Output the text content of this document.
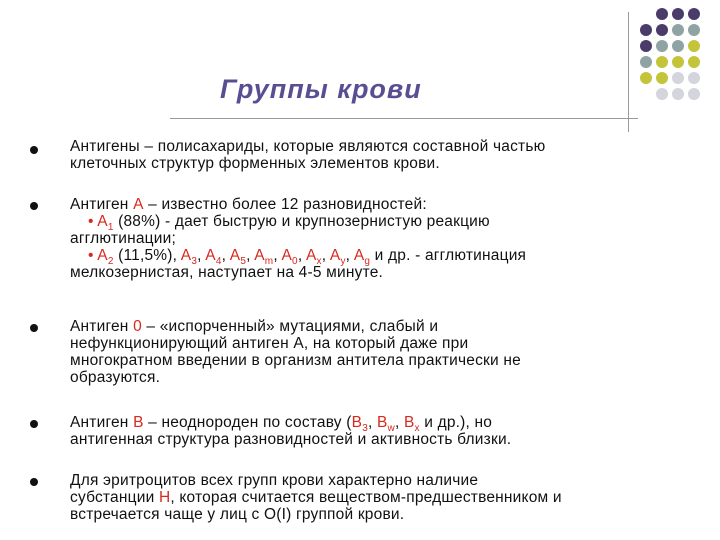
Группы крови
Антигены – полисахариды, которые являются составной частью
клеточных структур форменных элементов крови.
Антиген А – известно более 12 разновидностей:
• $A_1$ (88%) - дает быструю и крупнозернистую реакцию
агглютинации;
• $A_2$ (11,5%), $A_3$, $A_4$, $A_5$, $A_m$, $A_0$, $A_x$, $A_y$, $A_g$ и др. - агглютинация
мелкозернистая, наступает на 4-5 минуте.
Антиген 0 – «испорченный» мутациями, слабый и
нефункционирующий антиген А, на который даже при
многократном введении в организм антитела практически не
образуются.
Антиген В – неоднороден по составу ($В_3$, $В_w$, $В_x$ и др.), но
антигенная структура разновидностей и активность близки.
Для эритроцитов всех групп крови характерно наличие
субстанции Н, которая считается веществом-предшественником и
встречается чаще у лиц с О(I) группой крови.
